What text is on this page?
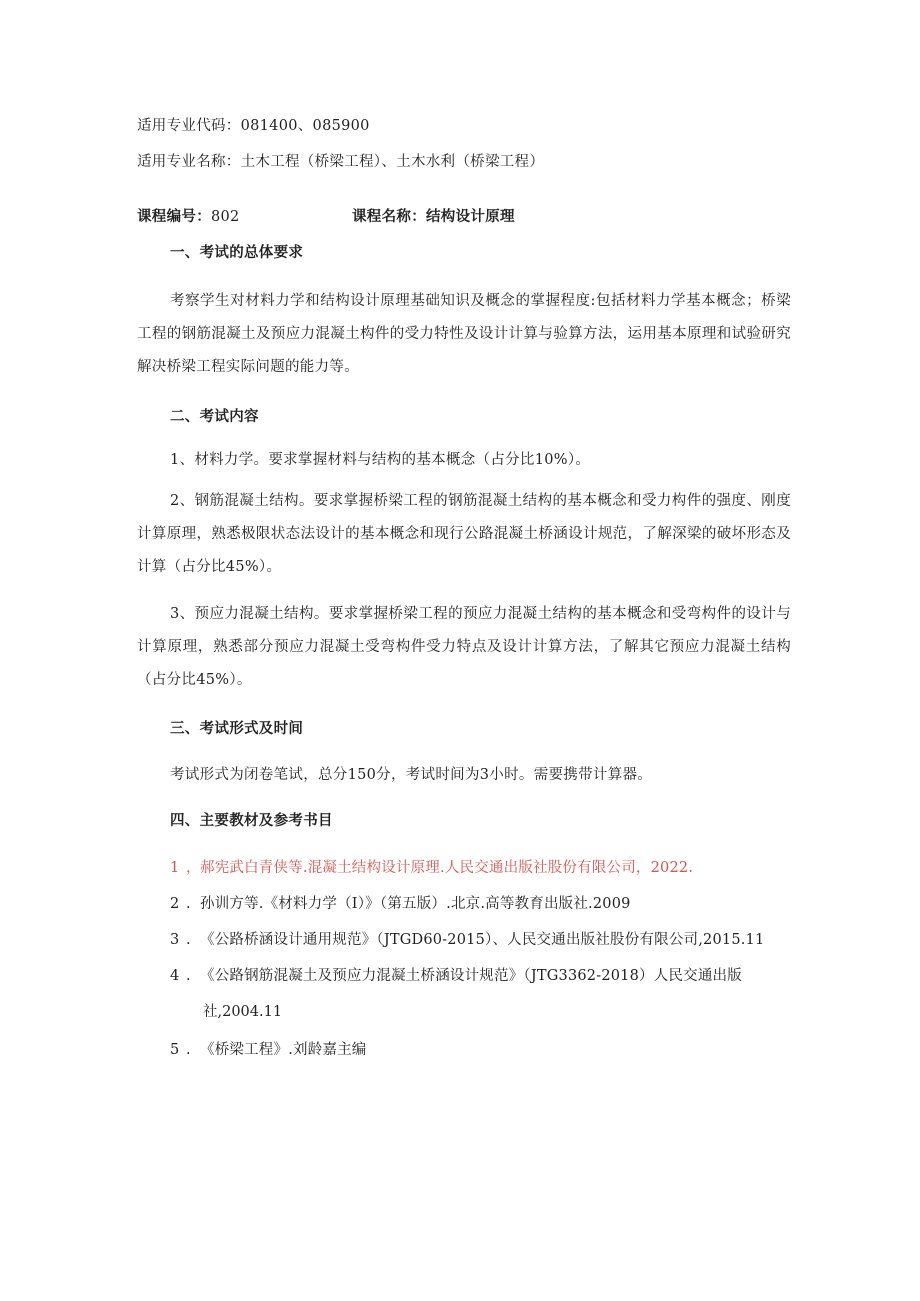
适用专业代码：081400、085900
适用专业名称：土木工程（桥梁工程）、土木水利（桥梁工程）
课程编号：802	课程名称：结构设计原理
一、考试的总体要求
考察学生对材料力学和结构设计原理基础知识及概念的掌握程度:包括材料力学基本概念；桥梁工程的钢筋混凝土及预应力混凝土构件的受力特性及设计计算与验算方法，运用基本原理和试验研究解决桥梁工程实际问题的能力等。
二、考试内容
1、材料力学。要求掌握材料与结构的基本概念（占分比10%）。
2、钢筋混凝土结构。要求掌握桥梁工程的钢筋混凝土结构的基本概念和受力构件的强度、刚度计算原理，熟悉极限状态法设计的基本概念和现行公路混凝土桥涵设计规范，了解深梁的破坏形态及计算（占分比45%）。
3、预应力混凝土结构。要求掌握桥梁工程的预应力混凝土结构的基本概念和受弯构件的设计与计算原理，熟悉部分预应力混凝土受弯构件受力特点及设计计算方法，了解其它预应力混凝土结构（占分比45%）。
三、考试形式及时间
考试形式为闭卷笔试，总分150分，考试时间为3小时。需要携带计算器。
四、主要教材及参考书目
1 ，郝宪武白青侠等.混凝土结构设计原理.人民交通出版社股份有限公司，2022.
2 . 孙训方等.《材料力学（I）》（第五版）.北京.高等教育出版社.2009
3 . 《公路桥涵设计通用规范》（JTGD60-2015）、人民交通出版社股份有限公司,2015.11
4 . 《公路钢筋混凝土及预应力混凝土桥涵设计规范》（JTG3362-2018）人民交通出版
社,2004.11
5 . 《桥梁工程》.刘龄嘉主编
